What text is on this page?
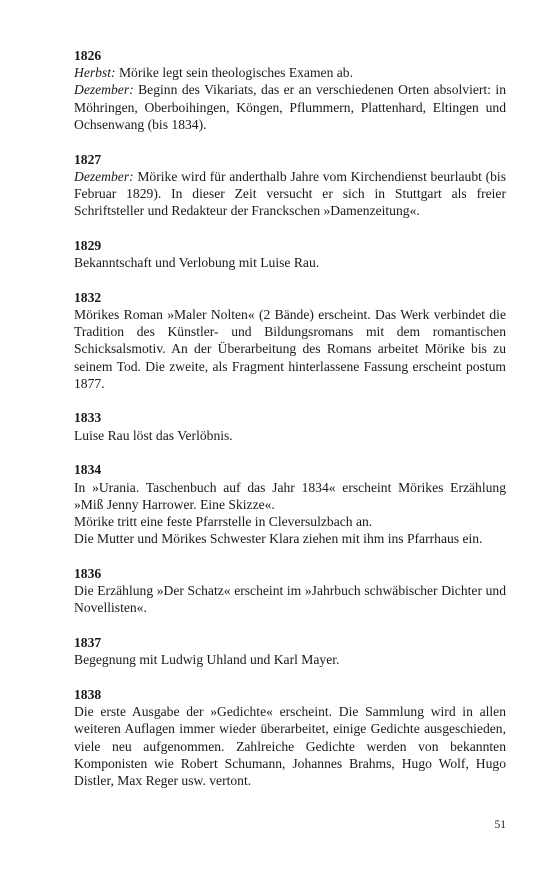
1826

Herbst: Mörike legt sein theologisches Examen ab.

Dezember: Beginn des Vikariats, das er an verschiedenen Orten absolviert: in Möhringen, Oberboihingen, Köngen, Pflummern, Plattenhard, Eltingen und Ochsenwang (bis 1834).

1827

Dezember: Mörike wird für anderthalb Jahre vom Kirchendienst beurlaubt (bis Februar 1829). In dieser Zeit versucht er sich in Stuttgart als freier Schriftsteller und Redakteur der Franckschen »Damenzeitung«.

1829

Bekanntschaft und Verlobung mit Luise Rau.

1832

Mörikes Roman »Maler Nolten« (2 Bände) erscheint. Das Werk verbindet die Tradition des Künstler- und Bildungsromans mit dem romantischen Schicksalsmotiv. An der Überarbeitung des Romans arbeitet Mörike bis zu seinem Tod. Die zweite, als Fragment hinterlassene Fassung erscheint postum 1877.

1833

Luise Rau löst das Verlöbnis.

1834

In »Urania. Taschenbuch auf das Jahr 1834« erscheint Mörikes Erzählung »Miß Jenny Harrower. Eine Skizze«.

Mörike tritt eine feste Pfarrstelle in Cleversulzbach an.

Die Mutter und Mörikes Schwester Klara ziehen mit ihm ins Pfarrhaus ein.

1836

Die Erzählung »Der Schatz« erscheint im »Jahrbuch schwäbischer Dichter und Novellisten«.

1837

Begegnung mit Ludwig Uhland und Karl Mayer.

1838

Die erste Ausgabe der »Gedichte« erscheint. Die Sammlung wird in allen weiteren Auflagen immer wieder überarbeitet, einige Gedichte ausgeschieden, viele neu aufgenommen. Zahlreiche Gedichte werden von bekannten Komponisten wie Robert Schumann, Johannes Brahms, Hugo Wolf, Hugo Distler, Max Reger usw. vertont.

51
